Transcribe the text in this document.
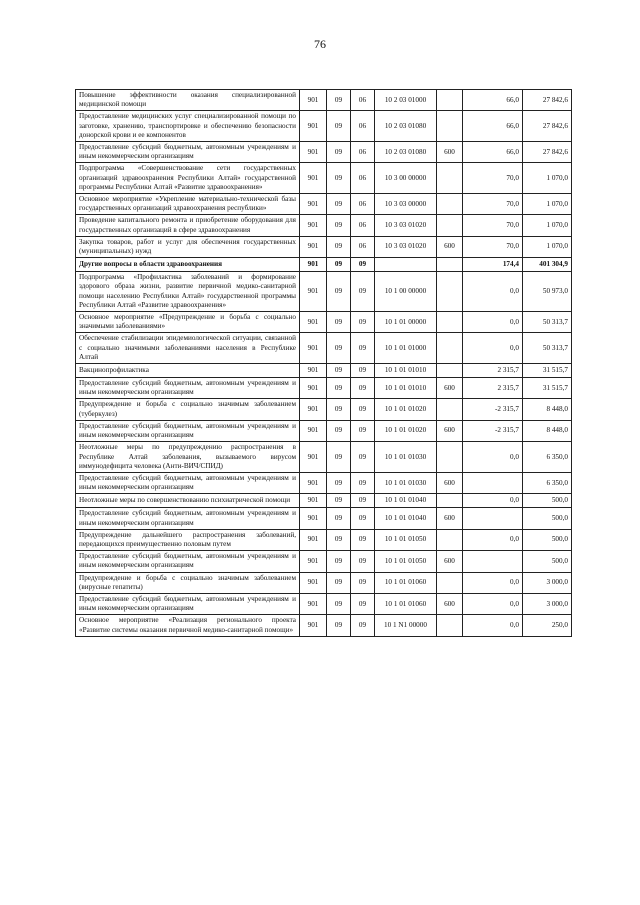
76
Повышение эффективности оказания специализированной медицинской помощи	901	09	06	10 2 03 01000		66,0	27 842,6
Предоставление медицинских услуг специализированной помощи по заготовке, хранению, транспортировке и обеспечению безопасности донорской крови и ее компонентов	901	09	06	10 2 03 01080		66,0	27 842,6
Предоставление субсидий бюджетным, автономным учреждениям и иным некоммерческим организациям	901	09	06	10 2 03 01080	600	66,0	27 842,6
Подпрограмма «Совершенствование сети государственных организаций здравоохранения Республики Алтай» государственной программы Республики Алтай «Развитие здравоохранения»	901	09	06	10 3 00 00000		70,0	1 070,0
Основное мероприятие «Укрепление материально-технической базы государственных организаций здравоохранения республики»	901	09	06	10 3 03 00000		70,0	1 070,0
Проведение капитального ремонта и приобретение оборудования для государственных организаций в сфере здравоохранения	901	09	06	10 3 03 01020		70,0	1 070,0
Закупка товаров, работ и услуг для обеспечения государственных (муниципальных) нужд	901	09	06	10 3 03 01020	600	70,0	1 070,0
Другие вопросы в области здравоохранения	901	09	09			174,4	401 304,9
Подпрограмма «Профилактика заболеваний и формирование здорового образа жизни, развитие первичной медико-санитарной помощи населению Республики Алтай» государственной программы Республики Алтай «Развитие здравоохранения»	901	09	09	10 1 00 00000		0,0	50 973,0
Основное мероприятие «Предупреждение и борьба с социально значимыми заболеваниями»	901	09	09	10 1 01 00000		0,0	50 313,7
Обеспечение стабилизации эпидемиологической ситуации, связанной с социально значимыми заболеваниями населения в Республике Алтай	901	09	09	10 1 01 01000		0,0	50 313,7
Вакцинопрофилактика	901	09	09	10 1 01 01010		2 315,7	31 515,7
Предоставление субсидий бюджетным, автономным учреждениям и иным некоммерческим организациям	901	09	09	10 1 01 01010	600	2 315,7	31 515,7
Предупреждение и борьба с социально значимым заболеванием (туберкулез)	901	09	09	10 1 01 01020		-2 315,7	8 448,0
Предоставление субсидий бюджетным, автономным учреждениям и иным некоммерческим организациям	901	09	09	10 1 01 01020	600	-2 315,7	8 448,0
Неотложные меры по предупреждению распространения в Республике Алтай заболевания, вызываемого вирусом иммунодефицита человека (Анти-ВИЧ/СПИД)	901	09	09	10 1 01 01030		0,0	6 350,0
Предоставление субсидий бюджетным, автономным учреждениям и иным некоммерческим организациям	901	09	09	10 1 01 01030	600		6 350,0
Неотложные меры по совершенствованию психиатрической помощи	901	09	09	10 1 01 01040		0,0	500,0
Предоставление субсидий бюджетным, автономным учреждениям и иным некоммерческим организациям	901	09	09	10 1 01 01040	600		500,0
Предупреждение дальнейшего распространения заболеваний, передающихся преимущественно половым путем	901	09	09	10 1 01 01050		0,0	500,0
Предоставление субсидий бюджетным, автономным учреждениям и иным некоммерческим организациям	901	09	09	10 1 01 01050	600		500,0
Предупреждение и борьба с социально значимым заболеванием (вирусные гепатиты)	901	09	09	10 1 01 01060		0,0	3 000,0
Предоставление субсидий бюджетным, автономным учреждениям и иным некоммерческим организациям	901	09	09	10 1 01 01060	600	0,0	3 000,0
Основное мероприятие «Реализация регионального проекта «Развитие системы оказания первичной медико-санитарной помощи»	901	09	09	10 1 N1 00000		0,0	250,0
